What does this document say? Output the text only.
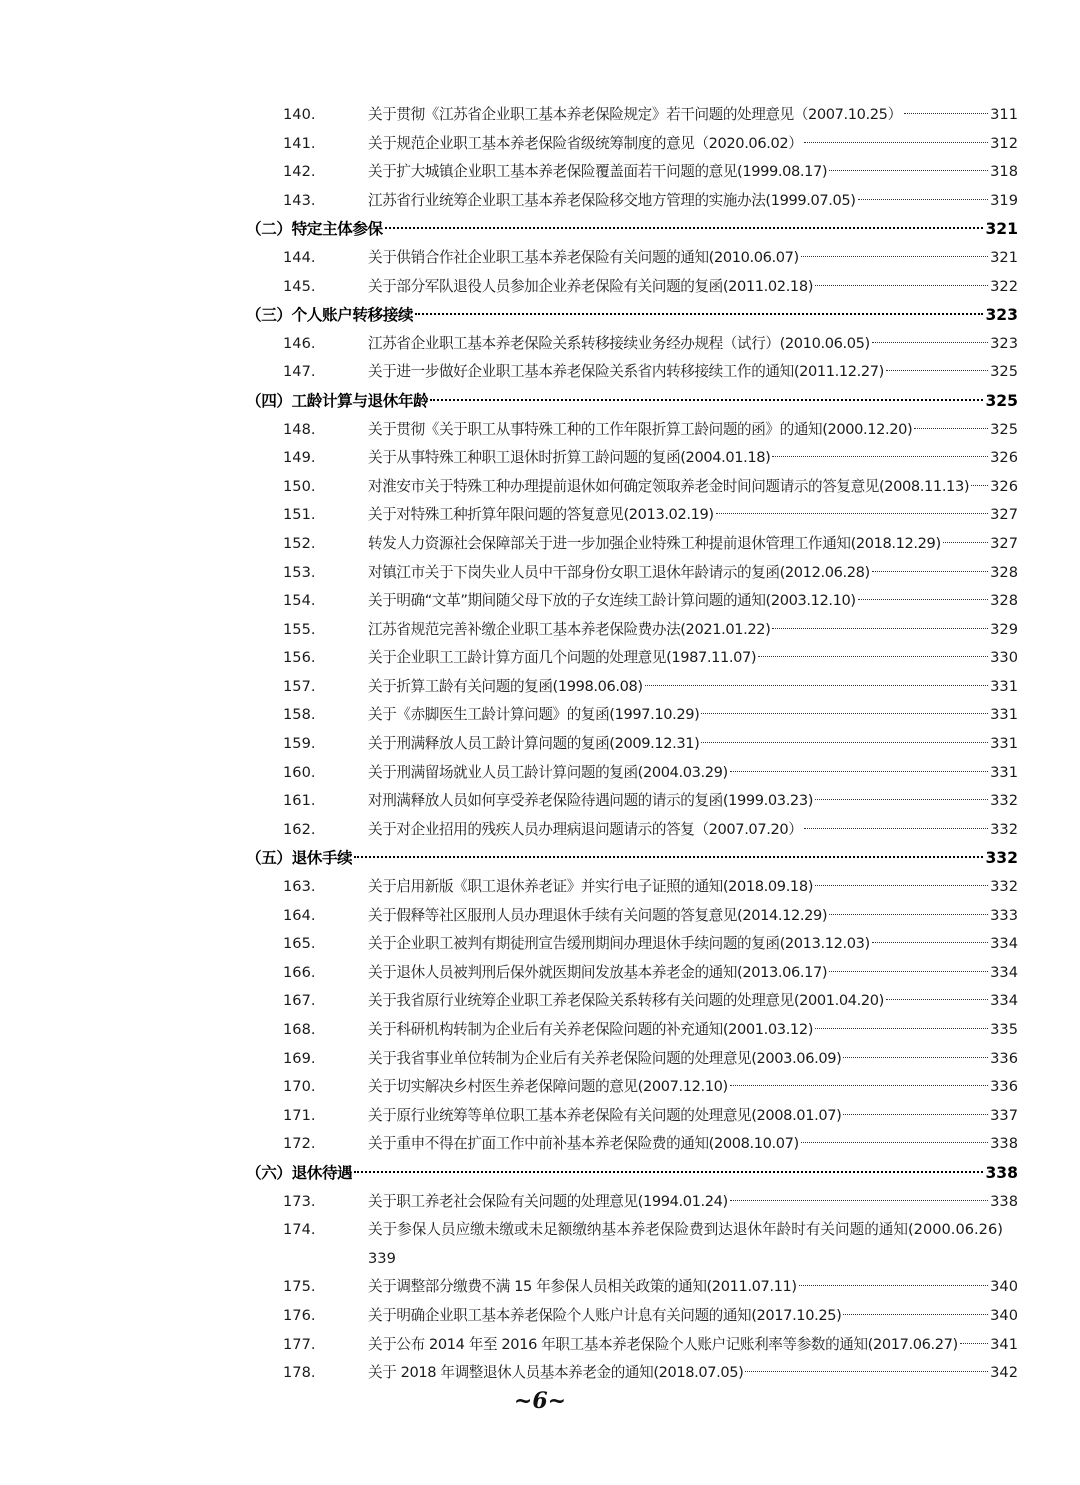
140.	关于贯彻《江苏省企业职工基本养老保险规定》若干问题的处理意见（2007.10.25）	311
141.	关于规范企业职工基本养老保险省级统筹制度的意见（2020.06.02）	312
142.	关于扩大城镇企业职工基本养老保险覆盖面若干问题的意见(1999.08.17)	318
143.	江苏省行业统筹企业职工基本养老保险移交地方管理的实施办法(1999.07.05)	319
（二）特定主体参保	321
144.	关于供销合作社企业职工基本养老保险有关问题的通知(2010.06.07)	321
145.	关于部分军队退役人员参加企业养老保险有关问题的复函(2011.02.18)	322
（三）个人账户转移接续	323
146.	江苏省企业职工基本养老保险关系转移接续业务经办规程（试行）(2010.06.05)	323
147.	关于进一步做好企业职工基本养老保险关系省内转移接续工作的通知(2011.12.27)	325
（四）工龄计算与退休年龄	325
148.	关于贯彻《关于职工从事特殊工种的工作年限折算工龄问题的函》的通知(2000.12.20)	325
149.	关于从事特殊工种职工退休时折算工龄问题的复函(2004.01.18)	326
150.	对淮安市关于特殊工种办理提前退休如何确定领取养老金时间问题请示的答复意见(2008.11.13) 326
151.	关于对特殊工种折算年限问题的答复意见(2013.02.19)	327
152.	转发人力资源社会保障部关于进一步加强企业特殊工种提前退休管理工作通知(2018.12.29)	327
153.	对镇江市关于下岗失业人员中干部身份女职工退休年龄请示的复函(2012.06.28)	328
154.	关于明确“文革”期间随父母下放的子女连续工龄计算问题的通知(2003.12.10)	328
155.	江苏省规范完善补缴企业职工基本养老保险费办法(2021.01.22)	329
156.	关于企业职工工龄计算方面几个问题的处理意见(1987.11.07)	330
157.	关于折算工龄有关问题的复函(1998.06.08)	331
158.	关于《赤脚医生工龄计算问题》的复函(1997.10.29)	331
159.	关于刑满释放人员工龄计算问题的复函(2009.12.31)	331
160.	关于刑满留场就业人员工龄计算问题的复函(2004.03.29)	331
161.	对刑满释放人员如何享受养老保险待遇问题的请示的复函(1999.03.23)	332
162.	关于对企业招用的残疾人员办理病退问题请示的答复（2007.07.20）	332
（五）退休手续	332
163.	关于启用新版《职工退休养老证》并实行电子证照的通知(2018.09.18)	332
164.	关于假释等社区服刑人员办理退休手续有关问题的答复意见(2014.12.29)	333
165.	关于企业职工被判有期徒刑宣告缓刑期间办理退休手续问题的复函(2013.12.03)	334
166.	关于退休人员被判刑后保外就医期间发放基本养老金的通知(2013.06.17)	334
167.	关于我省原行业统筹企业职工养老保险关系转移有关问题的处理意见(2001.04.20)	334
168.	关于科研机构转制为企业后有关养老保险问题的补充通知(2001.03.12)	335
169.	关于我省事业单位转制为企业后有关养老保险问题的处理意见(2003.06.09)	336
170.	关于切实解决乡村医生养老保障问题的意见(2007.12.10)	336
171.	关于原行业统筹等单位职工基本养老保险有关问题的处理意见(2008.01.07)	337
172.	关于重申不得在扩面工作中前补基本养老保险费的通知(2008.10.07)	338
（六）退休待遇	338
173.	关于职工养老社会保险有关问题的处理意见(1994.01.24)	338
174.	关于参保人员应缴未缴或未足额缴纳基本养老保险费到达退休年龄时有关问题的通知(2000.06.26)
339
175.	关于调整部分缴费不满 15 年参保人员相关政策的通知(2011.07.11)	340
176.	关于明确企业职工基本养老保险个人账户计息有关问题的通知(2017.10.25)	340
177.	关于公布 2014 年至 2016 年职工基本养老保险个人账户记账利率等参数的通知(2017.06.27) 341
178.	关于 2018 年调整退休人员基本养老金的通知(2018.07.05)	342
~6~
